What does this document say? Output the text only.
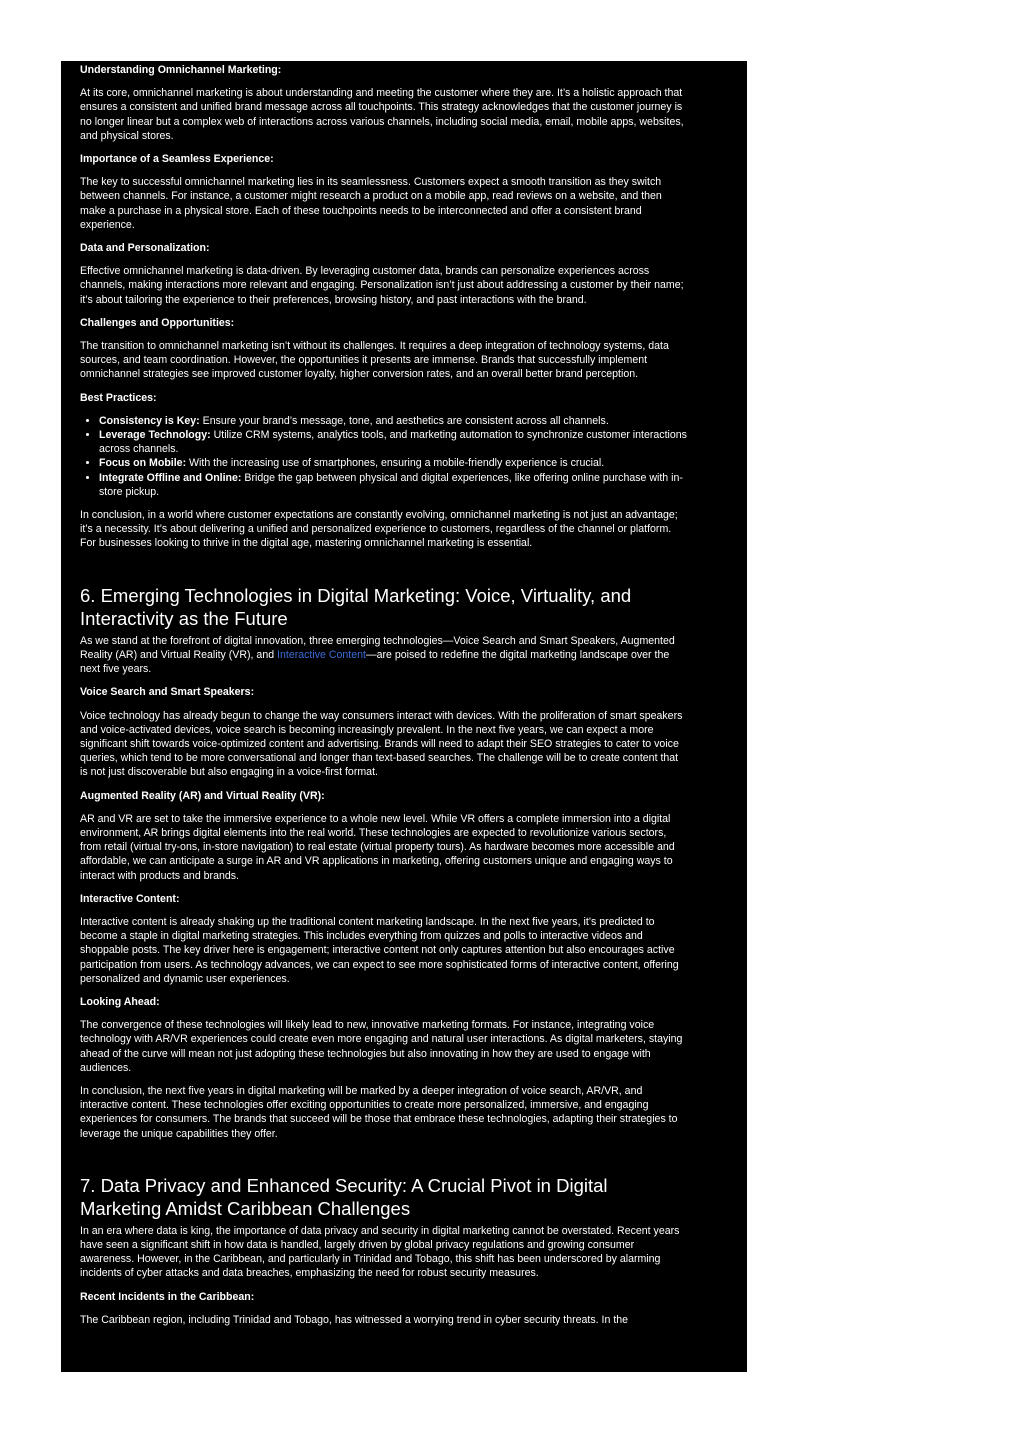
Understanding Omnichannel Marketing:
At its core, omnichannel marketing is about understanding and meeting the customer where they are. It’s a holistic approach that ensures a consistent and unified brand message across all touchpoints. This strategy acknowledges that the customer journey is no longer linear but a complex web of interactions across various channels, including social media, email, mobile apps, websites, and physical stores.
Importance of a Seamless Experience:
The key to successful omnichannel marketing lies in its seamlessness. Customers expect a smooth transition as they switch between channels. For instance, a customer might research a product on a mobile app, read reviews on a website, and then make a purchase in a physical store. Each of these touchpoints needs to be interconnected and offer a consistent brand experience.
Data and Personalization:
Effective omnichannel marketing is data-driven. By leveraging customer data, brands can personalize experiences across channels, making interactions more relevant and engaging. Personalization isn’t just about addressing a customer by their name; it’s about tailoring the experience to their preferences, browsing history, and past interactions with the brand.
Challenges and Opportunities:
The transition to omnichannel marketing isn’t without its challenges. It requires a deep integration of technology systems, data sources, and team coordination. However, the opportunities it presents are immense. Brands that successfully implement omnichannel strategies see improved customer loyalty, higher conversion rates, and an overall better brand perception.
Best Practices:
• Consistency is Key: Ensure your brand’s message, tone, and aesthetics are consistent across all channels.
• Leverage Technology: Utilize CRM systems, analytics tools, and marketing automation to synchronize customer interactions across channels.
• Focus on Mobile: With the increasing use of smartphones, ensuring a mobile-friendly experience is crucial.
• Integrate Offline and Online: Bridge the gap between physical and digital experiences, like offering online purchase with in-store pickup.
In conclusion, in a world where customer expectations are constantly evolving, omnichannel marketing is not just an advantage; it’s a necessity. It’s about delivering a unified and personalized experience to customers, regardless of the channel or platform. For businesses looking to thrive in the digital age, mastering omnichannel marketing is essential.
6. Emerging Technologies in Digital Marketing: Voice, Virtuality, and Interactivity as the Future
As we stand at the forefront of digital innovation, three emerging technologies—Voice Search and Smart Speakers, Augmented Reality (AR) and Virtual Reality (VR), and Interactive Content—are poised to redefine the digital marketing landscape over the next five years.
Voice Search and Smart Speakers:
Voice technology has already begun to change the way consumers interact with devices. With the proliferation of smart speakers and voice-activated devices, voice search is becoming increasingly prevalent. In the next five years, we can expect a more significant shift towards voice-optimized content and advertising. Brands will need to adapt their SEO strategies to cater to voice queries, which tend to be more conversational and longer than text-based searches. The challenge will be to create content that is not just discoverable but also engaging in a voice-first format.
Augmented Reality (AR) and Virtual Reality (VR):
AR and VR are set to take the immersive experience to a whole new level. While VR offers a complete immersion into a digital environment, AR brings digital elements into the real world. These technologies are expected to revolutionize various sectors, from retail (virtual try-ons, in-store navigation) to real estate (virtual property tours). As hardware becomes more accessible and affordable, we can anticipate a surge in AR and VR applications in marketing, offering customers unique and engaging ways to interact with products and brands.
Interactive Content:
Interactive content is already shaking up the traditional content marketing landscape. In the next five years, it’s predicted to become a staple in digital marketing strategies. This includes everything from quizzes and polls to interactive videos and shoppable posts. The key driver here is engagement; interactive content not only captures attention but also encourages active participation from users. As technology advances, we can expect to see more sophisticated forms of interactive content, offering personalized and dynamic user experiences.
Looking Ahead:
The convergence of these technologies will likely lead to new, innovative marketing formats. For instance, integrating voice technology with AR/VR experiences could create even more engaging and natural user interactions. As digital marketers, staying ahead of the curve will mean not just adopting these technologies but also innovating in how they are used to engage with audiences.
In conclusion, the next five years in digital marketing will be marked by a deeper integration of voice search, AR/VR, and interactive content. These technologies offer exciting opportunities to create more personalized, immersive, and engaging experiences for consumers. The brands that succeed will be those that embrace these technologies, adapting their strategies to leverage the unique capabilities they offer.
7. Data Privacy and Enhanced Security: A Crucial Pivot in Digital Marketing Amidst Caribbean Challenges
In an era where data is king, the importance of data privacy and security in digital marketing cannot be overstated. Recent years have seen a significant shift in how data is handled, largely driven by global privacy regulations and growing consumer awareness. However, in the Caribbean, and particularly in Trinidad and Tobago, this shift has been underscored by alarming incidents of cyber attacks and data breaches, emphasizing the need for robust security measures.
Recent Incidents in the Caribbean:
The Caribbean region, including Trinidad and Tobago, has witnessed a worrying trend in cyber security threats. In the
